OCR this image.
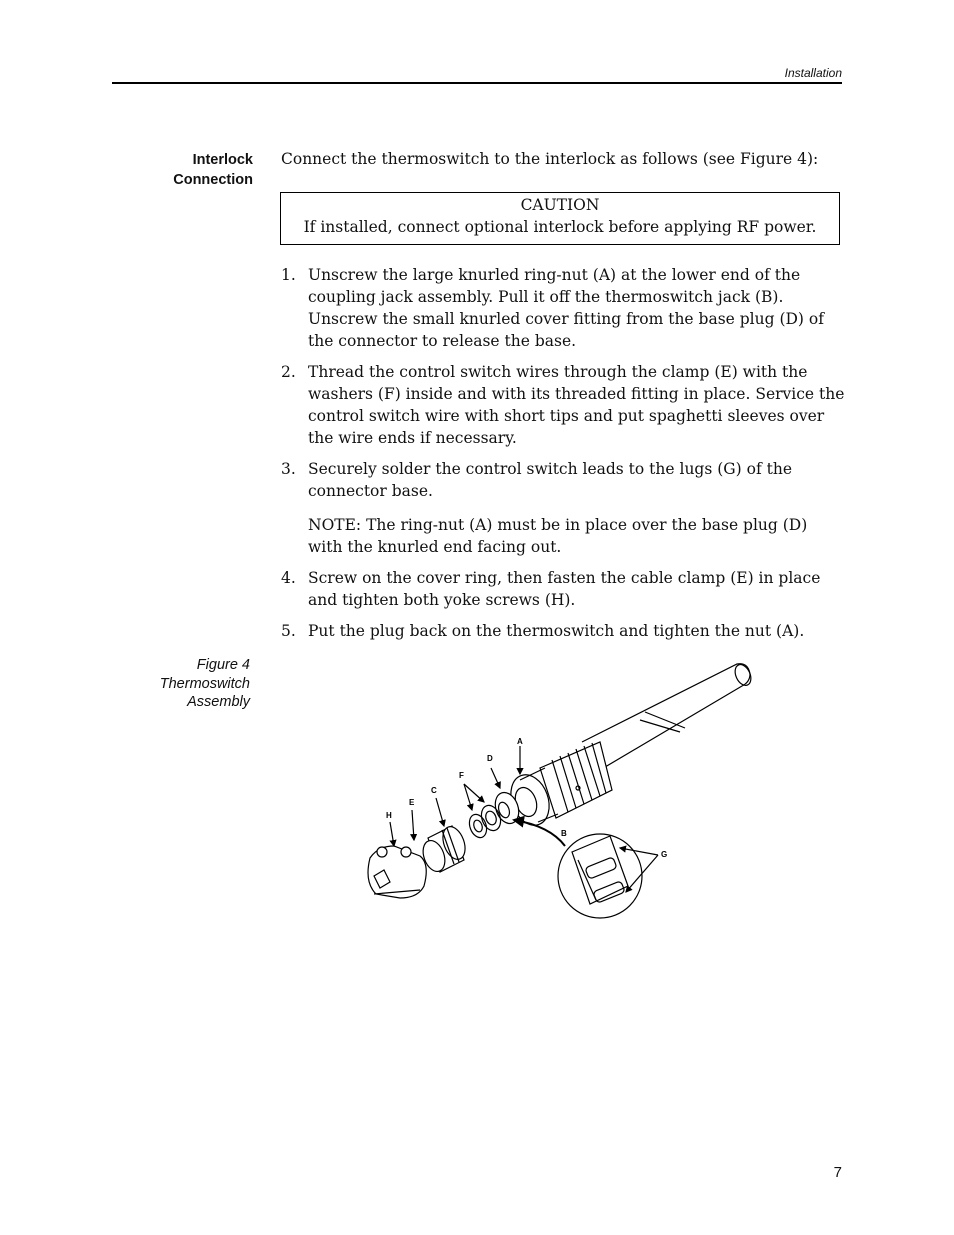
Installation
Interlock
Connection
Connect the thermoswitch to the interlock as follows (see Figure 4):
CAUTION
If installed, connect optional interlock before applying RF power.
1. Unscrew the large knurled ring-nut (A) at the lower end of the coupling jack assembly. Pull it off the thermoswitch jack (B). Unscrew the small knurled cover fitting from the base plug (D) of the connector to release the base.
2. Thread the control switch wires through the clamp (E) with the washers (F) inside and with its threaded fitting in place. Service the control switch wire with short tips and put spaghetti sleeves over the wire ends if necessary.
3. Securely solder the control switch leads to the lugs (G) of the connector base.
NOTE: The ring-nut (A) must be in place over the base plug (D) with the knurled end facing out.
4. Screw on the cover ring, then fasten the cable clamp (E) in place and tighten both yoke screws (H).
5. Put the plug back on the thermoswitch and tighten the nut (A).
Figure 4
Thermoswitch
Assembly
A
D
F
C
E
H
B
G
7
